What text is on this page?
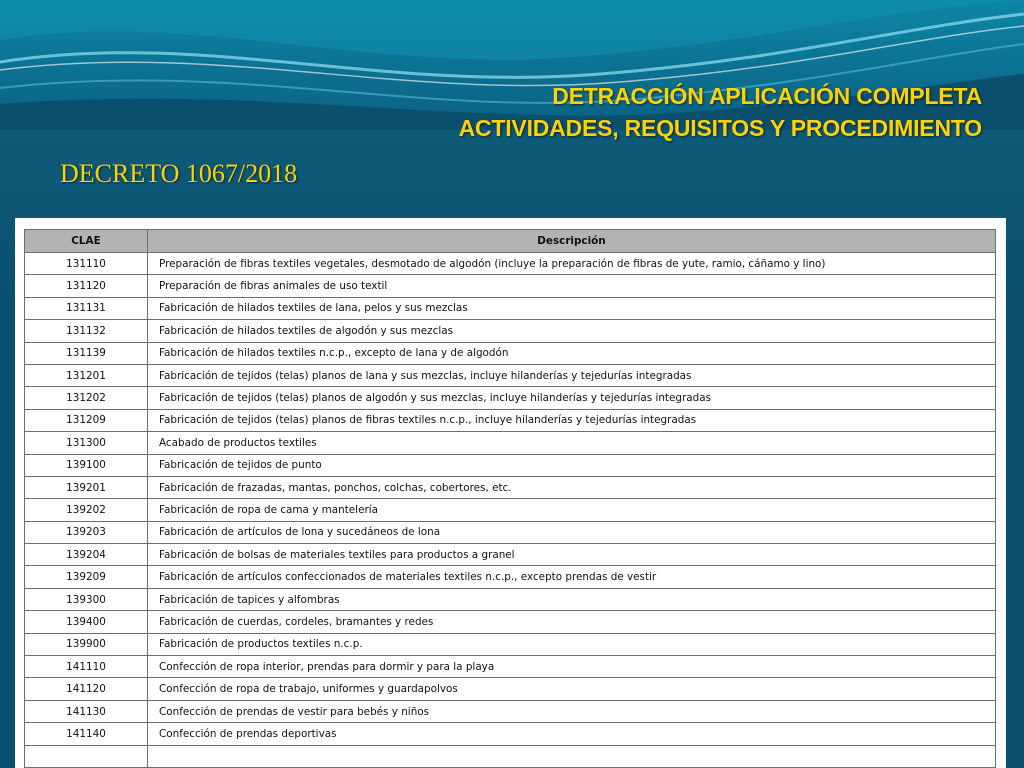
DETRACCIÓN APLICACIÓN COMPLETA
ACTIVIDADES, REQUISITOS Y PROCEDIMIENTO
DECRETO 1067/2018
CLAE	Descripción
131110	Preparación de fibras textiles vegetales, desmotado de algodón (incluye la preparación de fibras de yute, ramio, cáñamo y lino)
131120	Preparación de fibras animales de uso textil
131131	Fabricación de hilados textiles de lana, pelos y sus mezclas
131132	Fabricación de hilados textiles de algodón y sus mezclas
131139	Fabricación de hilados textiles n.c.p., excepto de lana y de algodón
131201	Fabricación de tejidos (telas) planos de lana y sus mezclas, incluye hilanderías y tejedurías integradas
131202	Fabricación de tejidos (telas) planos de algodón y sus mezclas, incluye hilanderías y tejedurías integradas
131209	Fabricación de tejidos (telas) planos de fibras textiles n.c.p., incluye hilanderías y tejedurías integradas
131300	Acabado de productos textiles
139100	Fabricación de tejidos de punto
139201	Fabricación de frazadas, mantas, ponchos, colchas, cobertores, etc.
139202	Fabricación de ropa de cama y mantelería
139203	Fabricación de artículos de lona y sucedáneos de lona
139204	Fabricación de bolsas de materiales textiles para productos a granel
139209	Fabricación de artículos confeccionados de materiales textiles n.c.p., excepto prendas de vestir
139300	Fabricación de tapices y alfombras
139400	Fabricación de cuerdas, cordeles, bramantes y redes
139900	Fabricación de productos textiles n.c.p.
141110	Confección de ropa interior, prendas para dormir y para la playa
141120	Confección de ropa de trabajo, uniformes y guardapolvos
141130	Confección de prendas de vestir para bebés y niños
141140	Confección de prendas deportivas
